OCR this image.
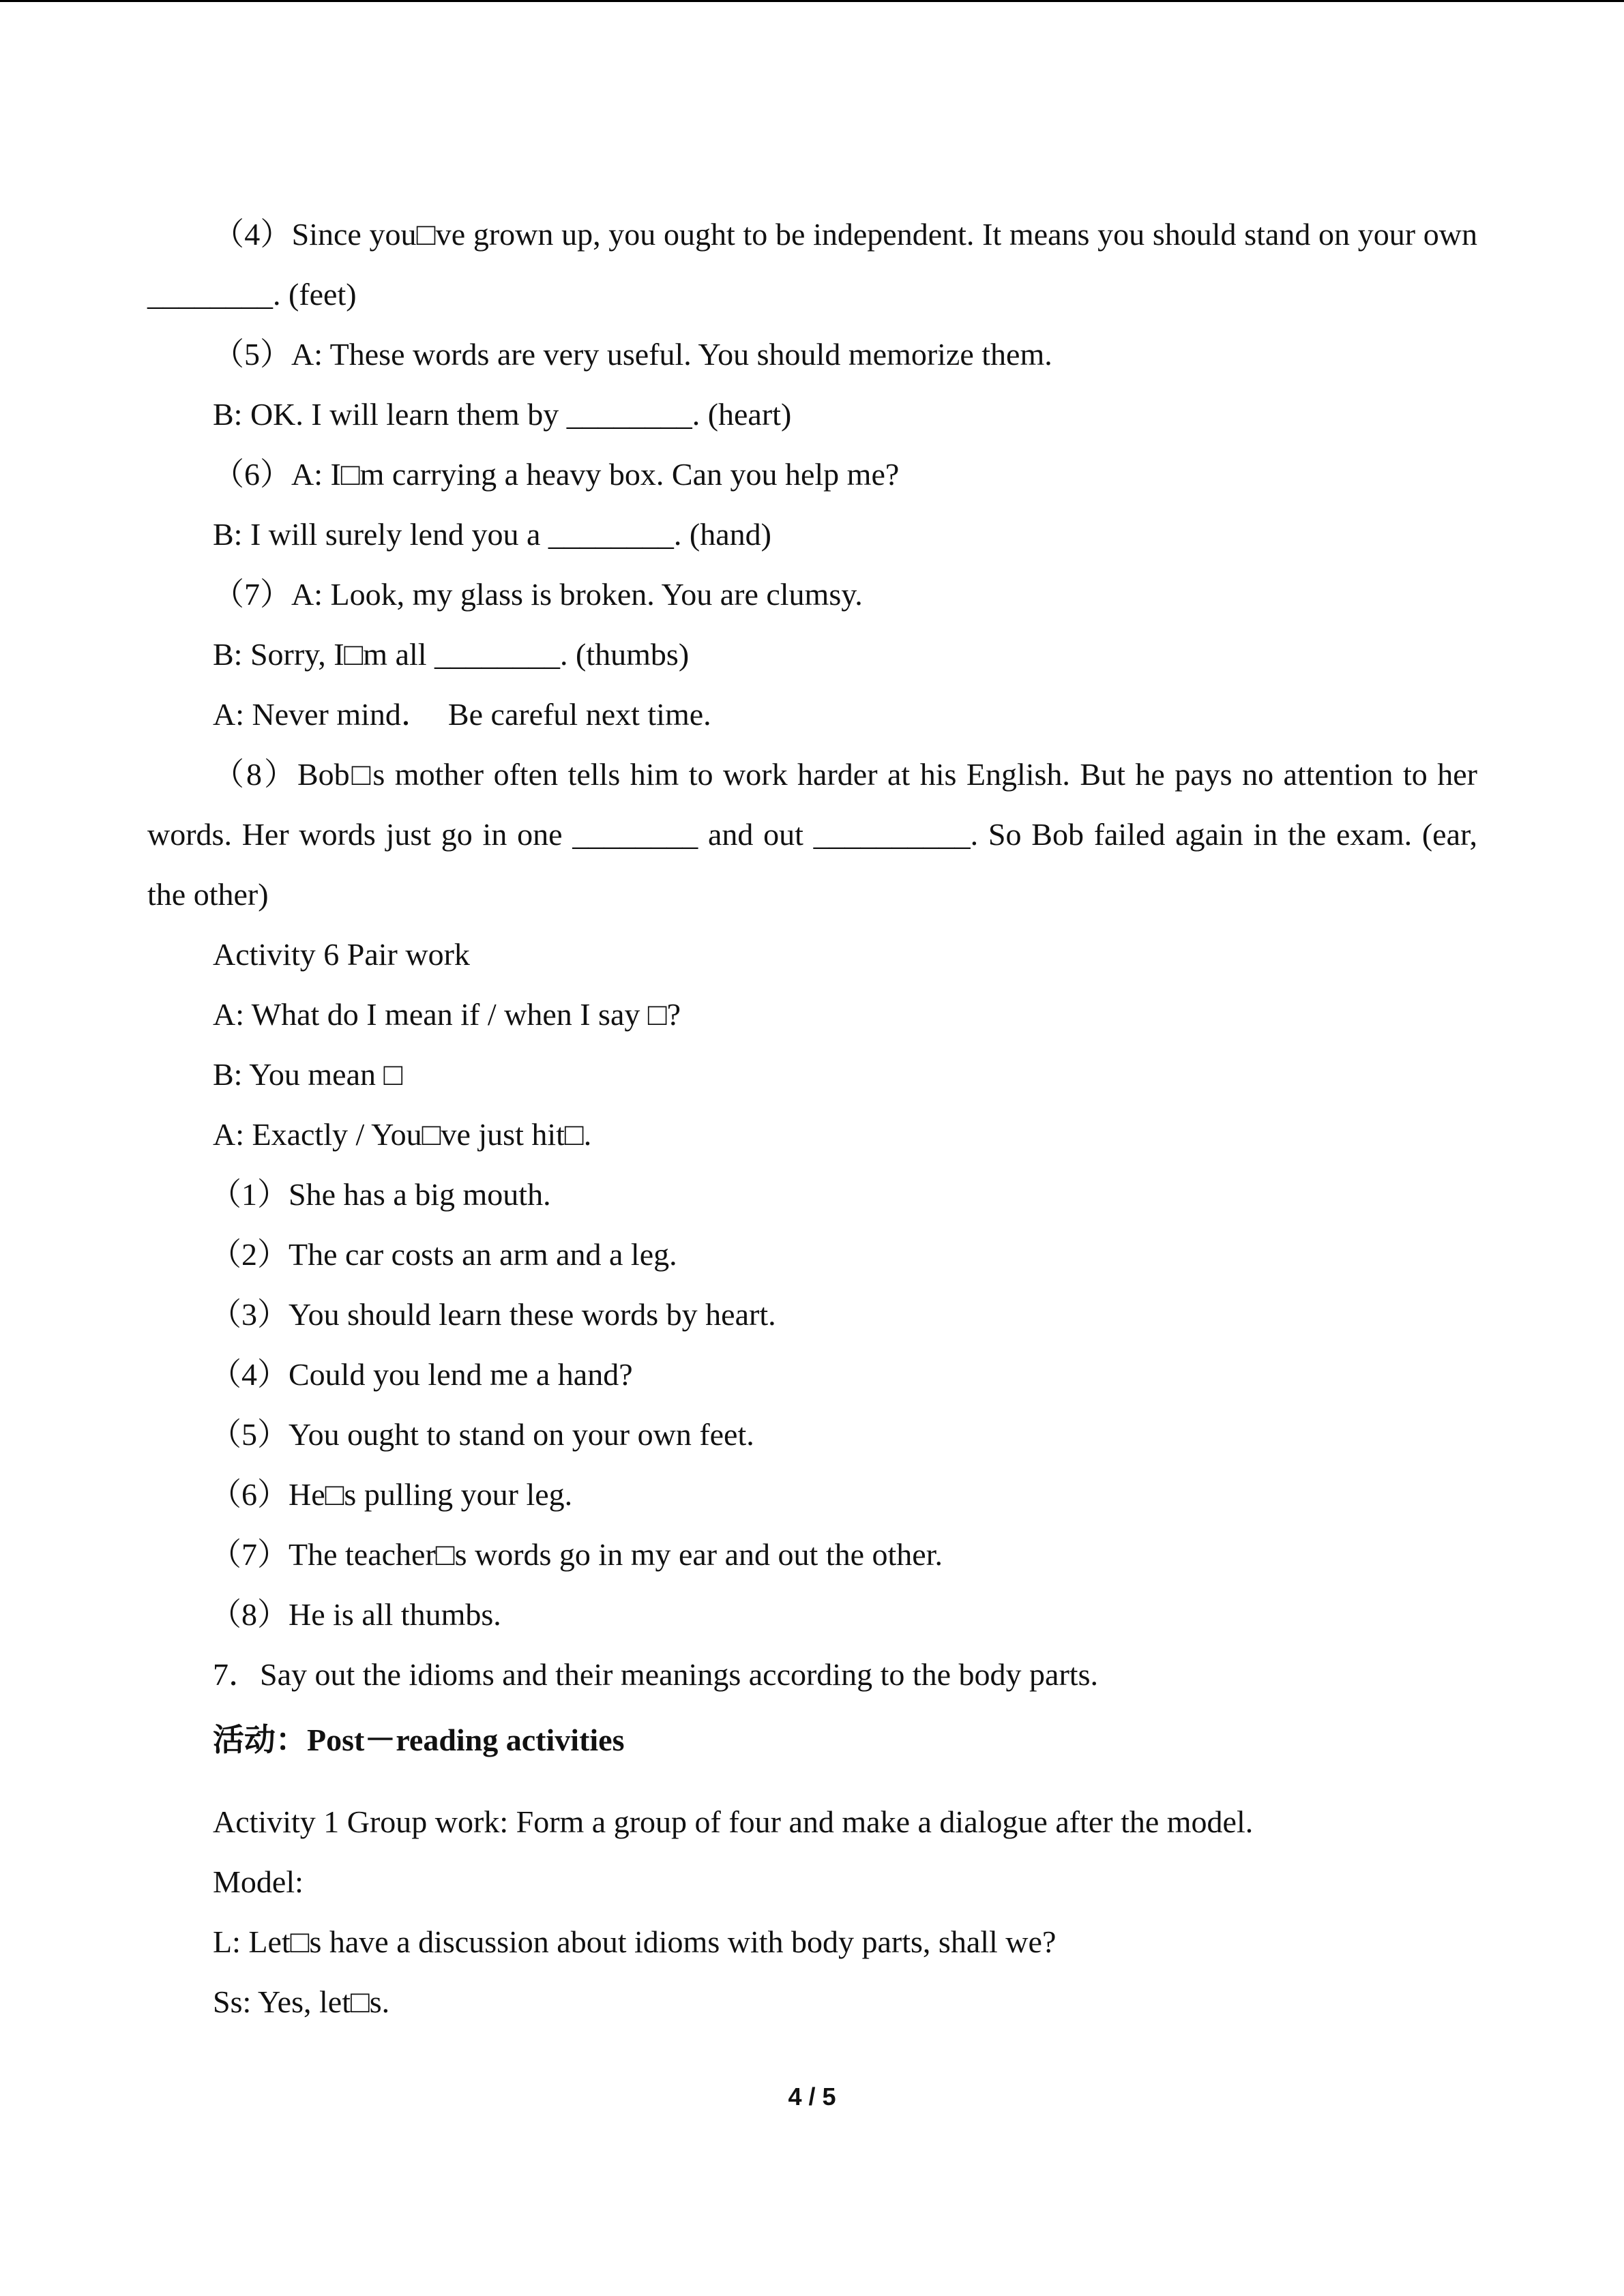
（4）Since you□ve grown up, you ought to be independent. It means you should stand on your own ________. (feet)

（5）A: These words are very useful. You should memorize them.

B: OK. I will learn them by ________. (heart)

（6）A: I□m carrying a heavy box. Can you help me?

B: I will surely lend you a ________. (hand)

（7）A: Look, my glass is broken. You are clumsy.

B: Sorry, I□m all ________. (thumbs)

A: Never mind．  Be careful next time.

（8）Bob□s mother often tells him to work harder at his English. But he pays no attention to her words. Her words just go in one ________ and out __________. So Bob failed again in the exam. (ear, the other)

Activity 6 Pair work

A: What do I mean if / when I say □?

B: You mean □

A: Exactly / You□ve just hit□.

（1）She has a big mouth.

（2）The car costs an arm and a leg.

（3）You should learn these words by heart.

（4）Could you lend me a hand?

（5）You ought to stand on your own feet.

（6）He□s pulling your leg.

（7）The teacher□s words go in my ear and out the other.

（8）He is all thumbs.

7．Say out the idioms and their meanings according to the body parts.

活动：Post－reading activities

Activity 1 Group work: Form a group of four and make a dialogue after the model.

Model:

L: Let□s have a discussion about idioms with body parts, shall we?

Ss: Yes, let□s.

4 / 5
